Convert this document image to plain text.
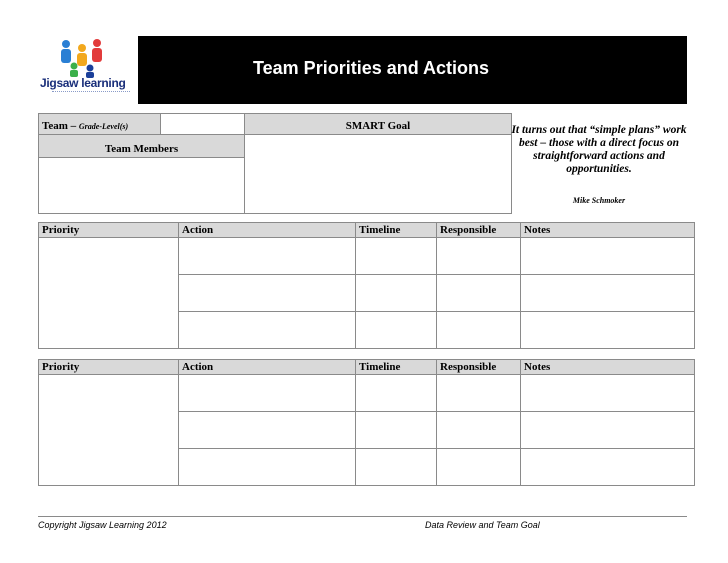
Jigsaw learning
Team Priorities and Actions
Team – Grade-Level(s)		SMART Goal
Team Members		

It turns out that “simple plans” work best – those with a direct focus on straightforward actions and opportunities.
Mike Schmoker
Priority	Action	Timeline	Responsible	Notes

Priority	Action	Timeline	Responsible	Notes

Copyright Jigsaw Learning 2012	Data Review and Team Goal
